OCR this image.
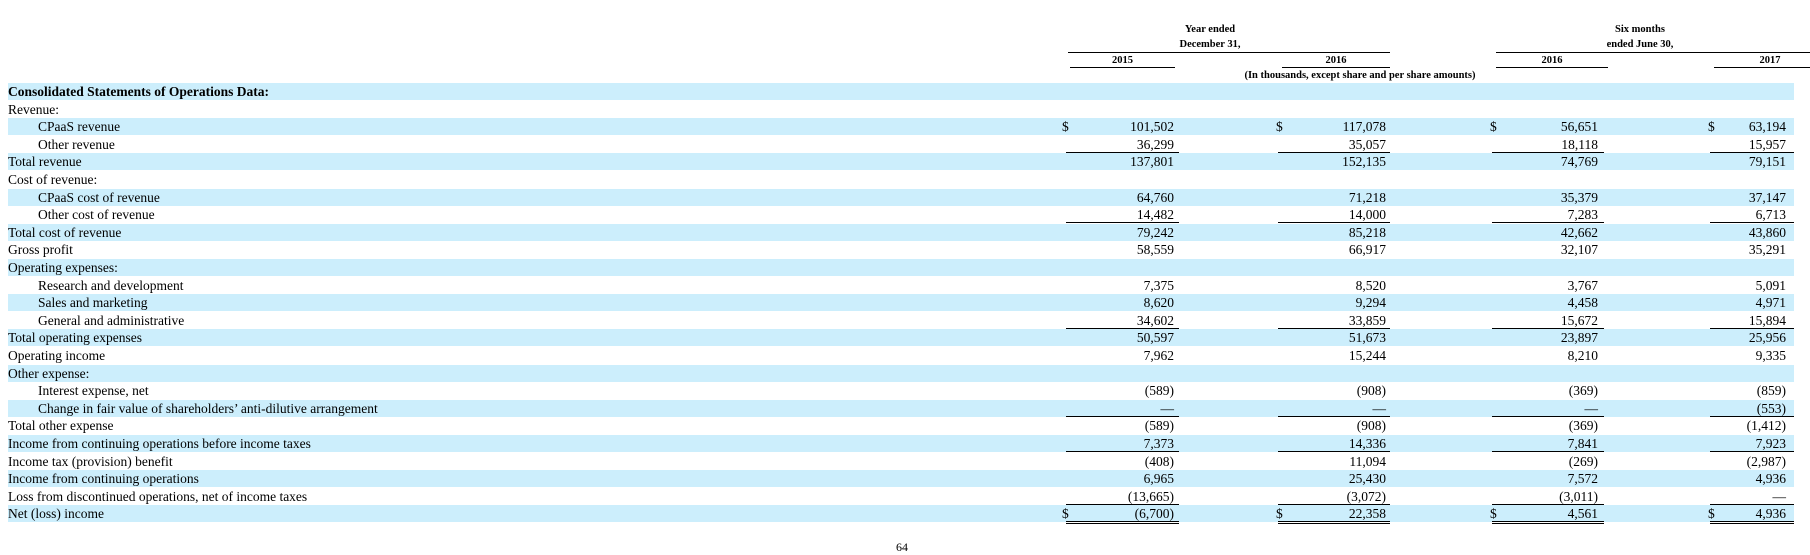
Year ended
December 31,
Six months
ended June 30,
2015	2016	2016	2017
(In thousands, except share and per share amounts)
Consolidated Statements of Operations Data:
Revenue:
CPaaS revenue	$	101,502	$	117,078	$	56,651	$	63,194
Other revenue	36,299	35,057	18,118	15,957
Total revenue	137,801	152,135	74,769	79,151
Cost of revenue:
CPaaS cost of revenue	64,760	71,218	35,379	37,147
Other cost of revenue	14,482	14,000	7,283	6,713
Total cost of revenue	79,242	85,218	42,662	43,860
Gross profit	58,559	66,917	32,107	35,291
Operating expenses:
Research and development	7,375	8,520	3,767	5,091
Sales and marketing	8,620	9,294	4,458	4,971
General and administrative	34,602	33,859	15,672	15,894
Total operating expenses	50,597	51,673	23,897	25,956
Operating income	7,962	15,244	8,210	9,335
Other expense:
Interest expense, net	(589)	(908)	(369)	(859)
Change in fair value of shareholders’ anti-dilutive arrangement	—	—	—	(553)
Total other expense	(589)	(908)	(369)	(1,412)
Income from continuing operations before income taxes	7,373	14,336	7,841	7,923
Income tax (provision) benefit	(408)	11,094	(269)	(2,987)
Income from continuing operations	6,965	25,430	7,572	4,936
Loss from discontinued operations, net of income taxes	(13,665)	(3,072)	(3,011)	—
Net (loss) income	$	(6,700)	$	22,358	$	4,561	$	4,936
64
